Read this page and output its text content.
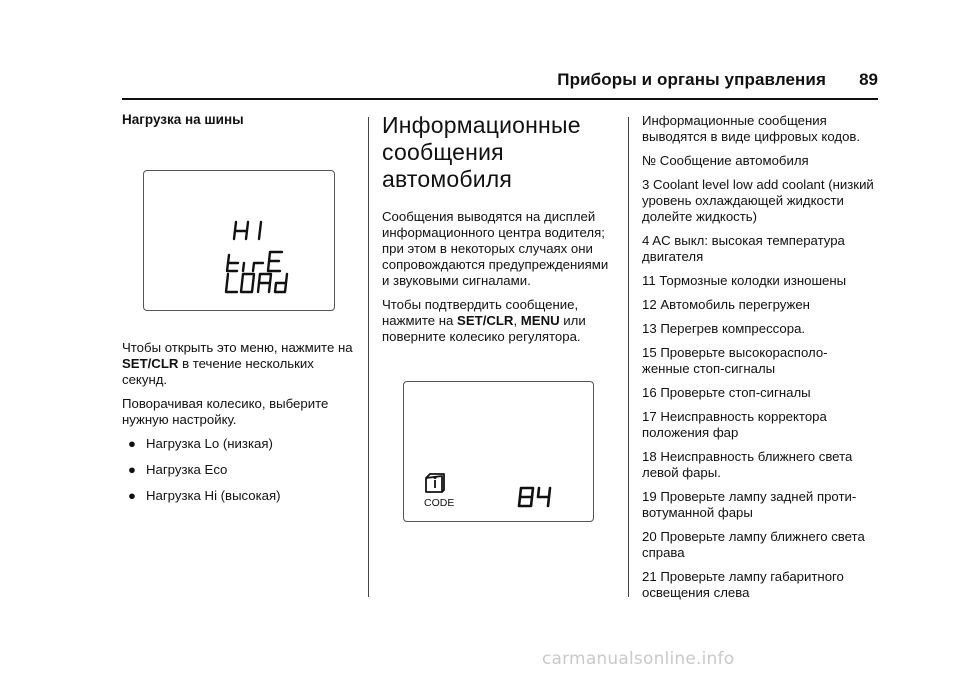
Приборы и органы управления 89
Нагрузка на шины

Чтобы открыть это меню, нажмите на SET/CLR в течение нескольких секунд.

Поворачивая колесико, выберите нужную настройку.

● Нагрузка Lo (низкая)
● Нагрузка Eco
● Нагрузка Hi (высокая)
Информационные сообщения автомобиля

Сообщения выводятся на дисплей информационного центра водителя; при этом в некоторых случаях они сопровождаются предупреждениями и звуковыми сигналами.

Чтобы подтвердить сообщение, нажмите на SET/CLR, MENU или поверните колесико регулятора.

CODE

Информационные сообщения выводятся в виде цифровых кодов.

№ Сообщение автомобиля

3 Coolant level low add coolant (низкий уровень охлаждающей жидкости долейте жидкость)

4 AC выкл: высокая температура двигателя

11 Тормозные колодки изношены

12 Автомобиль перегружен

13 Перегрев компрессора.

15 Проверьте высокорасполо- женные стоп-сигналы

16 Проверьте стоп-сигналы

17 Неисправность корректора положения фар

18 Неисправность ближнего света левой фары.

19 Проверьте лампу задней проти- вотуманной фары

20 Проверьте лампу ближнего света справа

21 Проверьте лампу габаритного освещения слева

carmanualsonline.info
